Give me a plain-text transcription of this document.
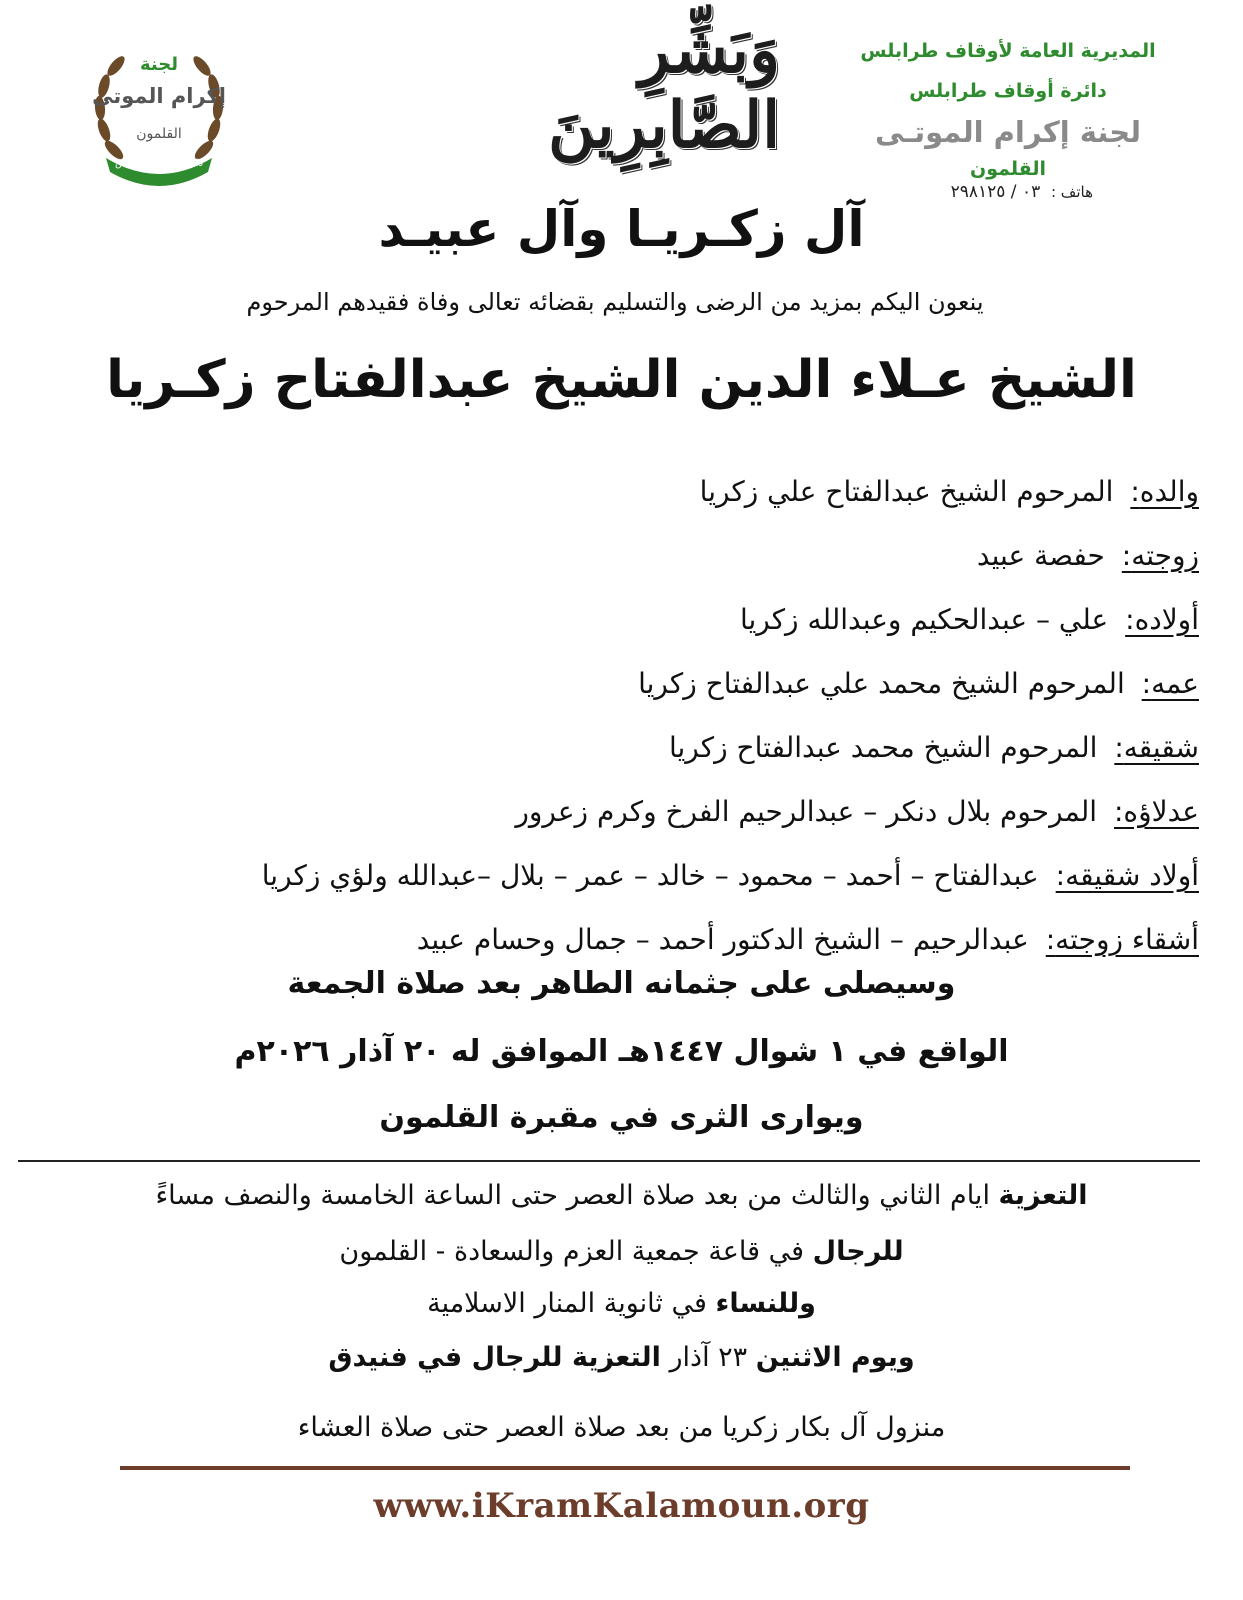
لجنة
إكرام الموتى
القلمون
دائرة أوقاف طرابلس
وَبَشِّرِ الصَّابِرِينَ
المديرية العامة لأوقاف طرابلس
دائرة أوقاف طرابلس
لجنة إكرام الموتـى
القلمون
هاتف : ٠٣ / ٢٩٨١٢٥
آل زكـريـا وآل عبيـد
ينعون اليكم بمزيد من الرضى والتسليم بقضائه تعالى وفاة فقيدهم المرحوم
الشيخ عـلاء الدين الشيخ عبدالفتاح زكـريا
والده: المرحوم الشيخ عبدالفتاح علي زكريا
زوجته: حفصة عبيد
أولاده: علي – عبدالحكيم وعبدالله زكريا
عمه: المرحوم الشيخ محمد علي عبدالفتاح زكريا
شقيقه: المرحوم الشيخ محمد عبدالفتاح زكريا
عدلاؤه: المرحوم بلال دنكر – عبدالرحيم الفرخ وكرم زعرور
أولاد شقيقه: عبدالفتاح – أحمد – محمود – خالد – عمر – بلال –عبدالله ولؤي زكريا
أشقاء زوجته: عبدالرحيم – الشيخ الدكتور أحمد – جمال وحسام عبيد
وسيصلى على جثمانه الطاهر بعد صلاة الجمعة
الواقع في ١ شوال ١٤٤٧هـ الموافق له ٢٠ آذار ٢٠٢٦م
ويوارى الثرى في مقبرة القلمون
التعزية ايام الثاني والثالث من بعد صلاة العصر حتى الساعة الخامسة والنصف مساءً
للرجال في قاعة جمعية العزم والسعادة - القلمون
وللنساء في ثانوية المنار الاسلامية
ويوم الاثنين ٢٣ آذار التعزية للرجال في فنيدق
منزول آل بكار زكريا من بعد صلاة العصر حتى صلاة العشاء
www.iKramKalamoun.org
